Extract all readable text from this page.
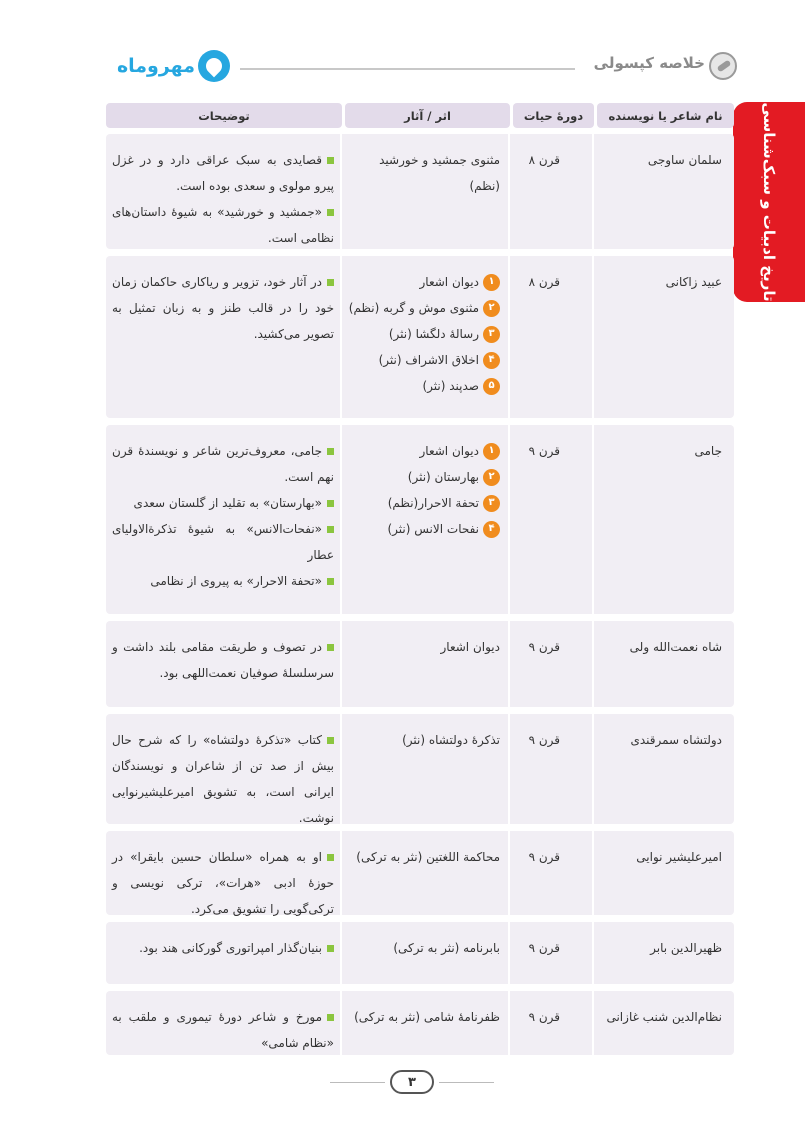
خلاصه کپسولی
مهروماه
تاریخ ادبیات و سبک‌شناسی
نام شاعر یا نویسنده
دورهٔ حیات
اثر / آثار
توضیحات
سلمان ساوجی
قرن ۸
مثنوی جمشید و خورشید (نظم)
قصایدی به سبک عراقی دارد و در غزل پیرو مولوی و سعدی بوده است.
«جمشید و خورشید» به شیوهٔ داستان‌های نظامی است.
عبید زاکانی
قرن ۸
۱
دیوان اشعار
۲
مثنوی موش و گربه (نظم)
۳
رسالهٔ دلگشا (نثر)
۴
اخلاق الاشراف (نثر)
۵
صدپند (نثر)
در آثار خود، تزویر و ریاکاری حاکمان زمان خود را در قالب طنز و به زبان تمثیل به تصویر می‌کشید.
جامی
قرن ۹
۱
دیوان اشعار
۲
بهارستان (نثر)
۳
تحفة الاحرار(نظم)
۴
نفحات الانس (نثر)
جامی، معروف‌ترین شاعر و نویسندهٔ قرن نهم است.
«بهارستان» به تقلید از گلستان سعدی
«نفحات‌الانس» به شیوهٔ تذکرة‌الاولیای عطار
«تحفة الاحرار» به پیروی از نظامی
شاه نعمت‌الله ولی
قرن ۹
دیوان اشعار
در تصوف و طریقت مقامی بلند داشت و سرسلسلهٔ صوفیان نعمت‌اللهی بود.
دولتشاه سمرقندی
قرن ۹
تذکرهٔ دولتشاه (نثر)
کتاب «تذکرهٔ دولتشاه» را که شرح حال بیش از صد تن از شاعران و نویسندگان ایرانی است، به تشویق امیرعلیشیرنوایی نوشت.
امیرعلیشیر نوایی
قرن ۹
محاکمة اللغتین (نثر به ترکی)
او به همراه «سلطان حسین بایقرا» در حوزهٔ ادبی «هرات»، ترکی نویسی و ترکی‌گویی را تشویق می‌کرد.
ظهیرالدین بابر
قرن ۹
بابرنامه (نثر به ترکی)
بنیان‌گذار امپراتوری گورکانی هند بود.
نظام‌الدین شنب غازانی
قرن ۹
ظفرنامهٔ شامی (نثر به ترکی)
مورخ و شاعر دورهٔ تیموری و ملقب به «نظام شامی»
۳
